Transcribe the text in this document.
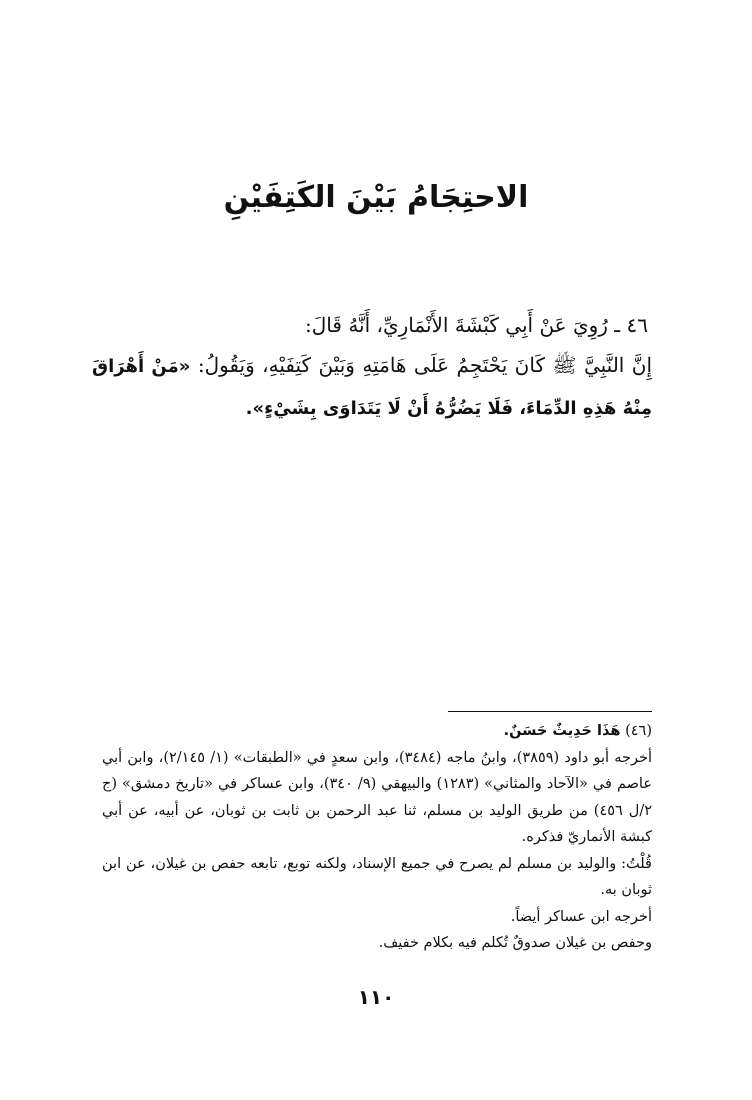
الاحتِجَامُ بَيْنَ الكَتِفَيْنِ

٤٦ ـ رُوِيَ عَنْ أَبِي كَبْشَةَ الأَنْمَارِيِّ، أَنَّهُ قَالَ:

إِنَّ النَّبِيَّ ﷺ كَانَ يَحْتَجِمُ عَلَى هَامَتِهِ وَبَيْنَ كَتِفَيْهِ، وَيَقُولُ: «مَنْ أَهْرَاقَ مِنْهُ هَذِهِ الدِّمَاءَ، فَلَا يَضُرُّهُ أَنْ لَا يَتَدَاوَى بِشَيْءٍ».

(٤٦) هَذَا حَدِيثٌ حَسَنٌ.

أخرجه أبو داود (٣٨٥٩)، وابنُ ماجه (٣٤٨٤)، وابن سعدٍ في «الطبقات» (١/ ٢/١٤٥)، وابن أبي عاصم في «الآحاد والمثاني» (١٢٨٣) والبيهقي (٩/ ٣٤٠)، وابن عساكر في «تاريخ دمشق» (ج ٢/ل ٤٥٦) من طريق الوليد بن مسلم، ثنا عبد الرحمن بن ثابت بن ثوبان، عن أبيه، عن أبي كبشة الأنماريّ فذكره.

قُلْتُ: والوليد بن مسلم لم يصرح في جميع الإسناد، ولكنه توبع، تابعه حفص بن غيلان، عن ابن ثوبان به.

أخرجه ابن عساكر أيضاً.

وحفص بن غيلان صدوقٌ تُكلم فيه بكلام خفيف.

١١٠
